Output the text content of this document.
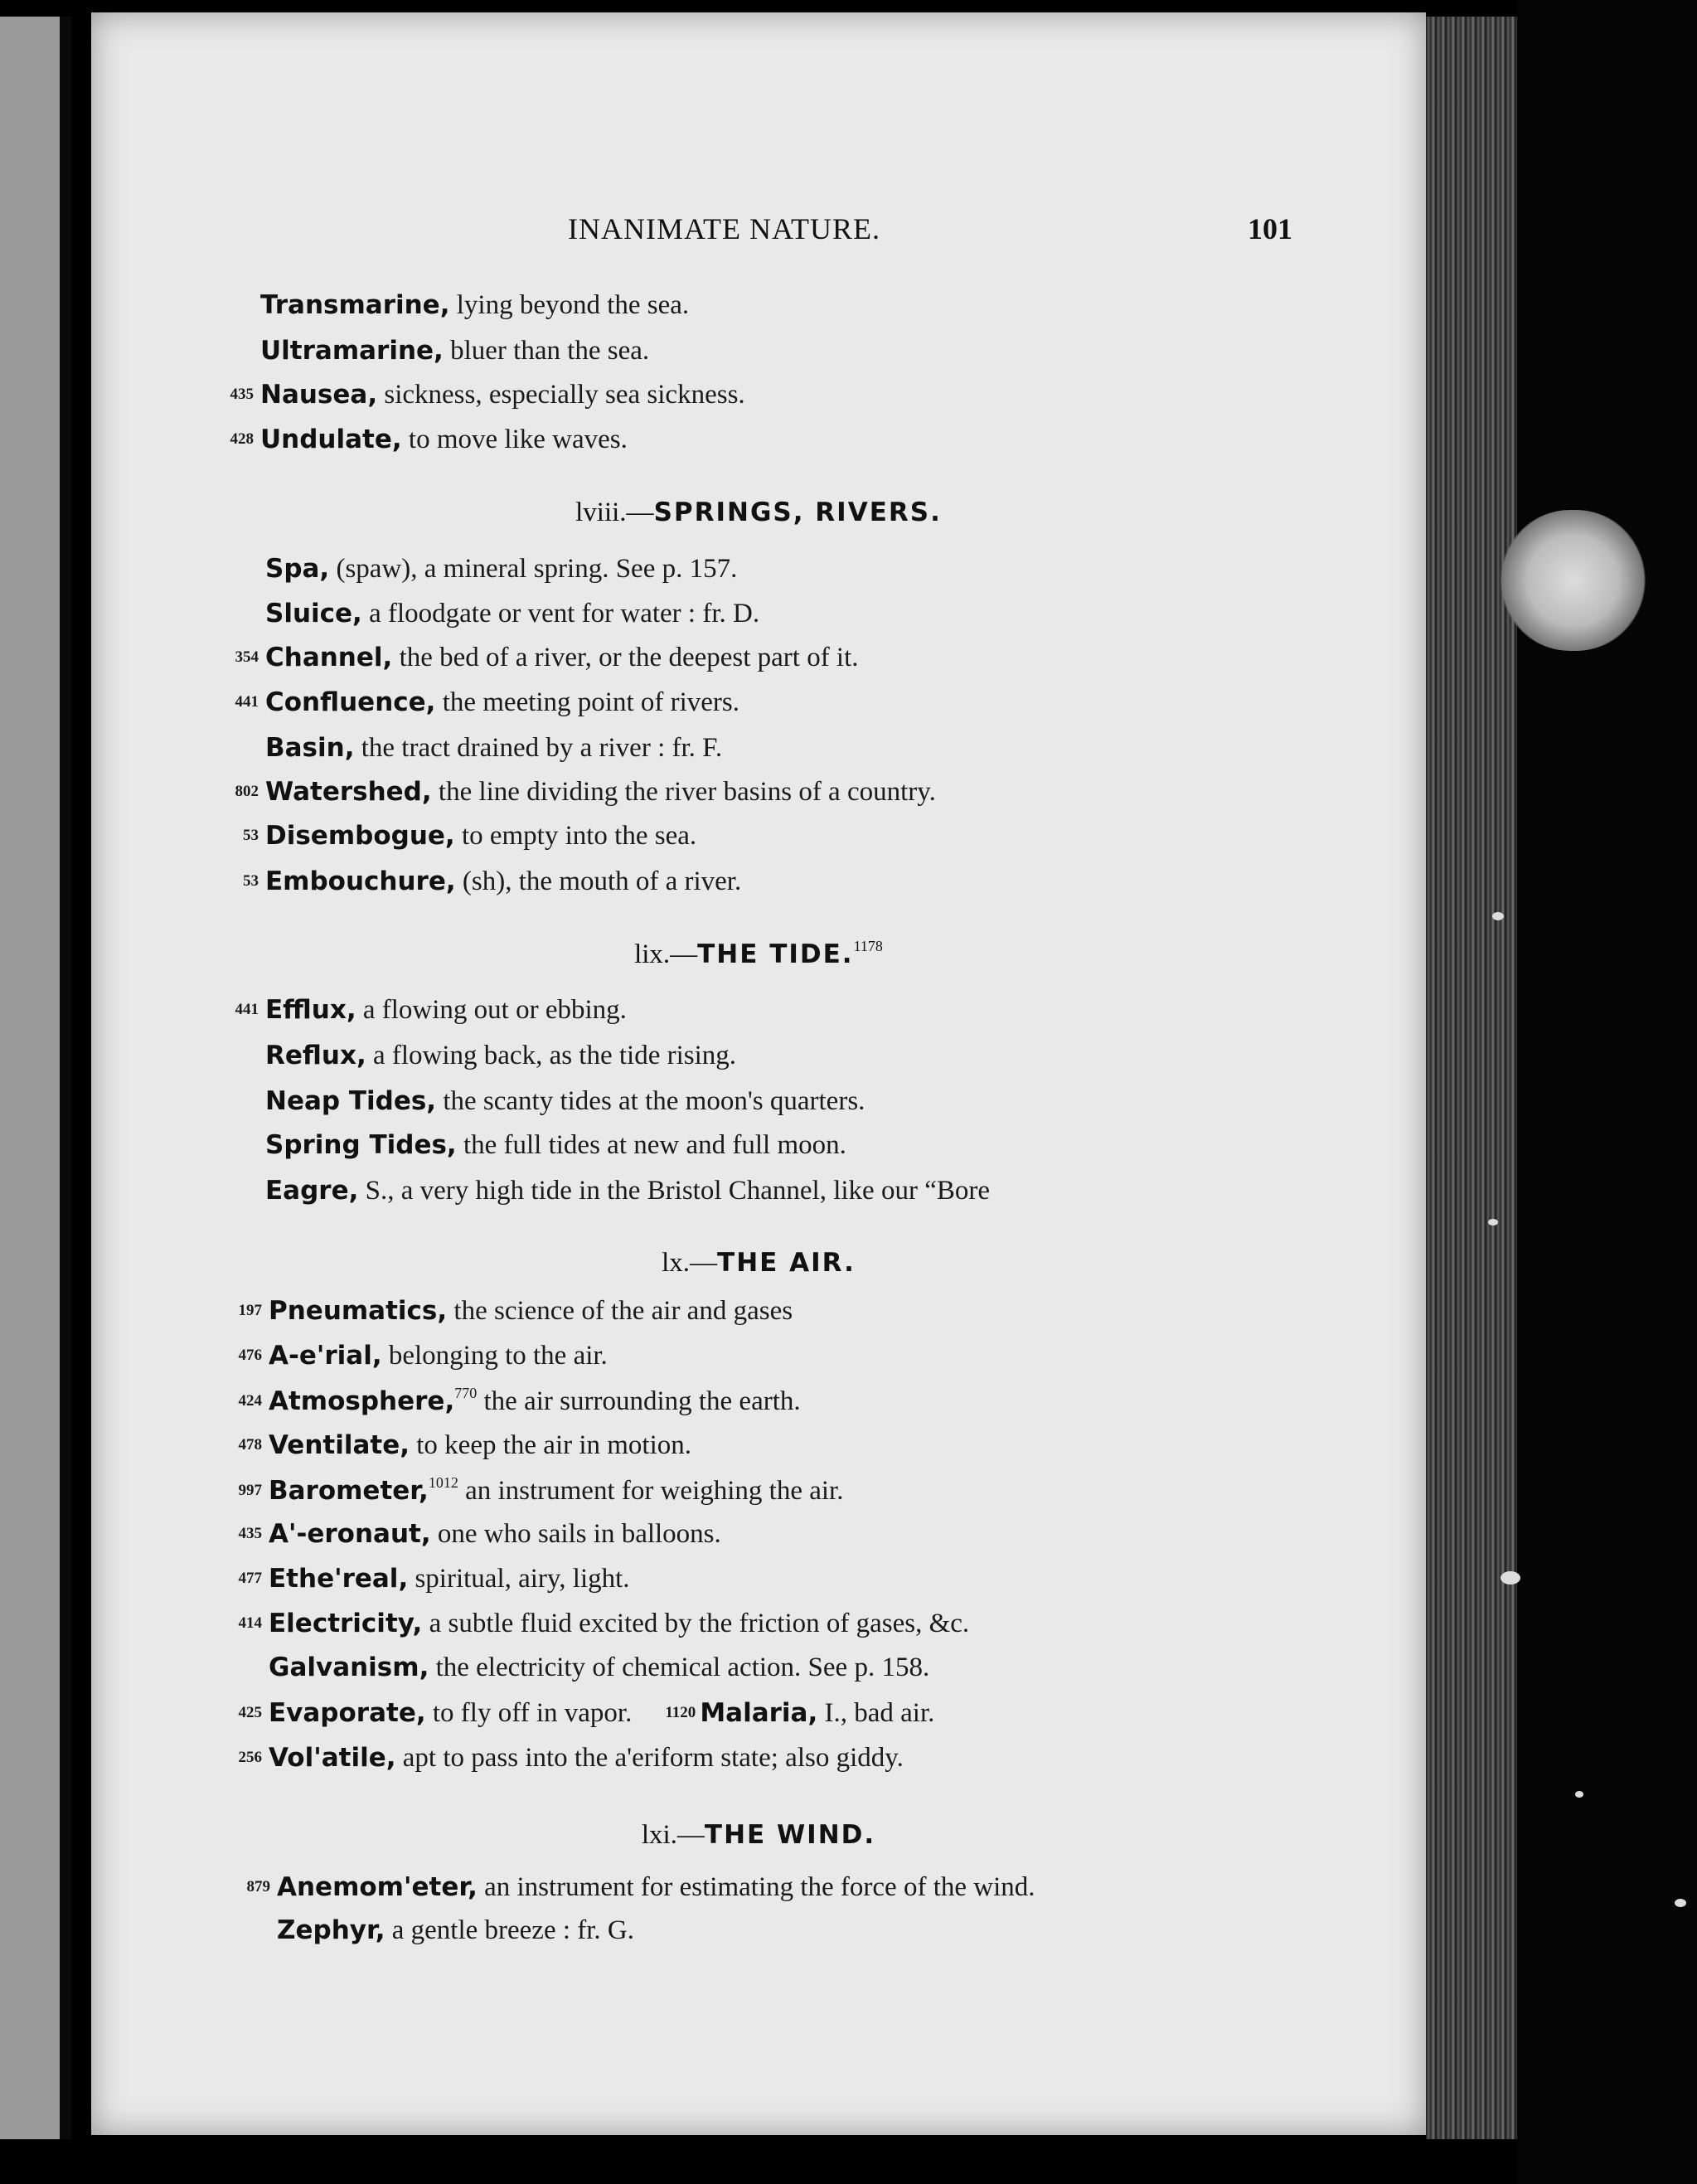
INANIMATE NATURE.	101
Transmarine, lying beyond the sea.
Ultramarine, bluer than the sea.
435 Nausea, sickness, especially sea sickness.
428 Undulate, to move like waves.
lviii.—SPRINGS, RIVERS.
Spa, (spaw), a mineral spring. See p. 157.
Sluice, a floodgate or vent for water : fr. D.
354 Channel, the bed of a river, or the deepest part of it.
441 Confluence, the meeting point of rivers.
Basin, the tract drained by a river : fr. F.
802 Watershed, the line dividing the river basins of a country.
53 Disembogue, to empty into the sea.
53 Embouchure, (sh), the mouth of a river.
lix.—THE TIDE.$^{1178}$
441 Efflux, a flowing out or ebbing.
Reflux, a flowing back, as the tide rising.
Neap Tides, the scanty tides at the moon's quarters.
Spring Tides, the full tides at new and full moon.
Eagre, S., a very high tide in the Bristol Channel, like our “Bore
lx.—THE AIR.
197 Pneumatics, the science of the air and gases
476 A-e'rial, belonging to the air.
424 Atmosphere,$^{770}$ the air surrounding the earth.
478 Ventilate, to keep the air in motion.
997 Barometer,$^{1012}$ an instrument for weighing the air.
435 A'-eronaut, one who sails in balloons.
477 Ethe'real, spiritual, airy, light.
414 Electricity, a subtle fluid excited by the friction of gases, &c.
Galvanism, the electricity of chemical action. See p. 158.
425 Evaporate, to fly off in vapor. 1120 Malaria, I., bad air.
256 Vol'atile, apt to pass into the a'eriform state; also giddy.
lxi.—THE WIND.
879 Anemom'eter, an instrument for estimating the force of the wind.
Zephyr, a gentle breeze : fr. G.
